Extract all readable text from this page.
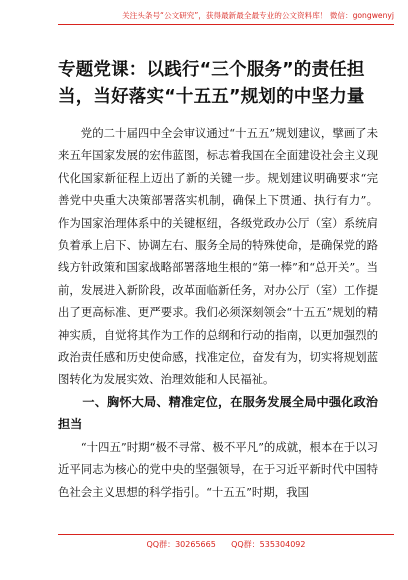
关注头条号“公文研究”，获得最新最全最专业的公文资料库！ 微信：gongwenyj
专题党课：以践行“三个服务”的责任担当，当好落实“十五五”规划的中坚力量

党的二十届四中全会审议通过“十五五”规划建议，擘画了未来五年国家发展的宏伟蓝图，标志着我国在全面建设社会主义现代化国家新征程上迈出了新的关键一步。规划建议明确要求“完善党中央重大决策部署落实机制，确保上下贯通、执行有力”。作为国家治理体系中的关键枢纽，各级党政办公厅（室）系统肩负着承上启下、协调左右、服务全局的特殊使命，是确保党的路线方针政策和国家战略部署落地生根的“第一棒”和“总开关”。当前，发展进入新阶段，改革面临新任务，对办公厅（室）工作提出了更高标准、更严要求。我们必须深刻领会“十五五”规划的精神实质，自觉将其作为工作的总纲和行动的指南，以更加强烈的政治责任感和历史使命感，找准定位，奋发有为，切实将规划蓝图转化为发展实效、治理效能和人民福祉。

一、胸怀大局、精准定位，在服务发展全局中强化政治担当

“十四五”时期“极不寻常、极不平凡”的成就，根本在于以习近平同志为核心的党中央的坚强领导，在于习近平新时代中国特色社会主义思想的科学指引。“十五五”时期，我国

QQ群：30265665      QQ群：535304092
